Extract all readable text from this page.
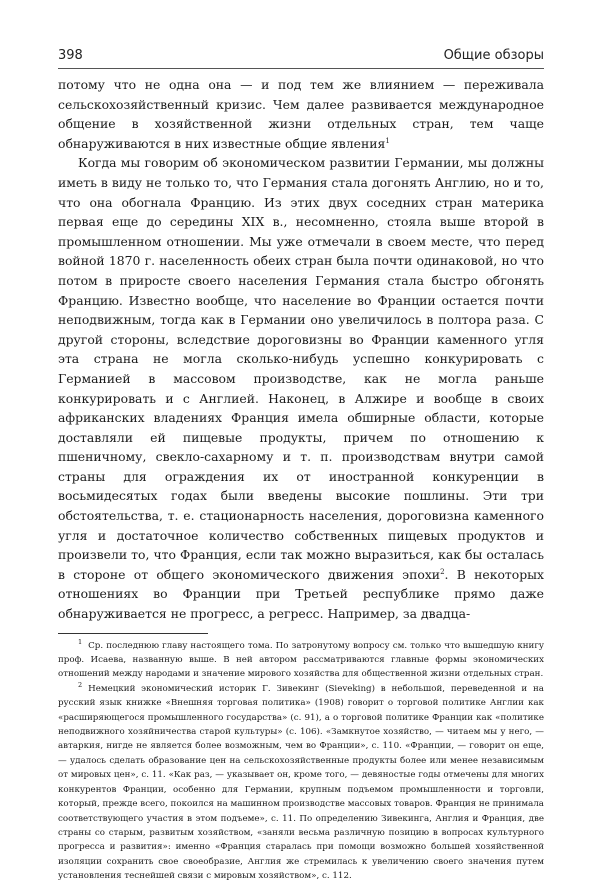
398	Общие обзоры

потому что не одна она — и под тем же влиянием — переживала сельскохозяйственный кризис. Чем далее развивается международное общение в хозяйственной жизни отдельных стран, тем чаще обнаруживаются в них известные общие явления$^1$

Когда мы говорим об экономическом развитии Германии, мы должны иметь в виду не только то, что Германия стала догонять Англию, но и то, что она обогнала Францию. Из этих двух соседних стран материка первая еще до середины XIX в., несомненно, стояла выше второй в промышленном отношении. Мы уже отмечали в своем месте, что перед войной 1870 г. населенность обеих стран была почти одинаковой, но что потом в приросте своего населения Германия стала быстро обгонять Францию. Известно вообще, что население во Франции остается почти неподвижным, тогда как в Германии оно увеличилось в полтора раза. С другой стороны, вследствие дороговизны во Франции каменного угля эта страна не могла сколько-нибудь успешно конкурировать с Германией в массовом производстве, как не могла раньше конкурировать и с Англией. Наконец, в Алжире и вообще в своих африканских владениях Франция имела обширные области, которые доставляли ей пищевые продукты, причем по отношению к пшеничному, свекло-сахарному и т. п. производствам внутри самой страны для ограждения их от иностранной конкуренции в восьмидесятых годах были введены высокие пошлины. Эти три обстоятельства, т. е. стационарность населения, дороговизна каменного угля и достаточное количество собственных пищевых продуктов и произвели то, что Франция, если так можно выразиться, как бы осталась в стороне от общего экономического движения эпохи$^2$. В некоторых отношениях во Франции при Третьей республике прямо даже обнаруживается не прогресс, а регресс. Например, за двадца-

$^1$ Ср. последнюю главу настоящего тома. По затронутому вопросу см. только что вышедшую книгу проф. Исаева, названную выше. В ней автором рассматриваются главные формы экономических отношений между народами и значение мирового хозяйства для общественной жизни отдельных стран.

$^2$ Немецкий экономический историк Г. Зивекинг (Sieveking) в небольшой, переведенной и на русский язык книжке «Внешняя торговая политика» (1908) говорит о торговой политике Англии как «расширяющегося промышленного государства» (с. 91), а о торговой политике Франции как «политике неподвижного хозяйничества старой культуры» (с. 106). «Замкнутое хозяйство, — читаем мы у него, — автаркия, нигде не является более возможным, чем во Франции», с. 110. «Франции, — говорит он еще, — удалось сделать образование цен на сельскохозяйственные продукты более или менее независимым от мировых цен», с. 11. «Как раз, — указывает он, кроме того, — девяностые годы отмечены для многих конкурентов Франции, особенно для Германии, крупным подъемом промышленности и торговли, который, прежде всего, покоился на машинном производстве массовых товаров. Франция не принимала соответствующего участия в этом подъеме», с. 11. По определению Зивекинга, Англия и Франция, две страны со старым, развитым хозяйством, «заняли весьма различную позицию в вопросах культурного прогресса и развития»: именно «Франция старалась при помощи возможно большей хозяйственной изоляции сохранить свое своеобразие, Англия же стремилась к увеличению своего значения путем установления теснейшей связи с мировым хозяйством», с. 112.
